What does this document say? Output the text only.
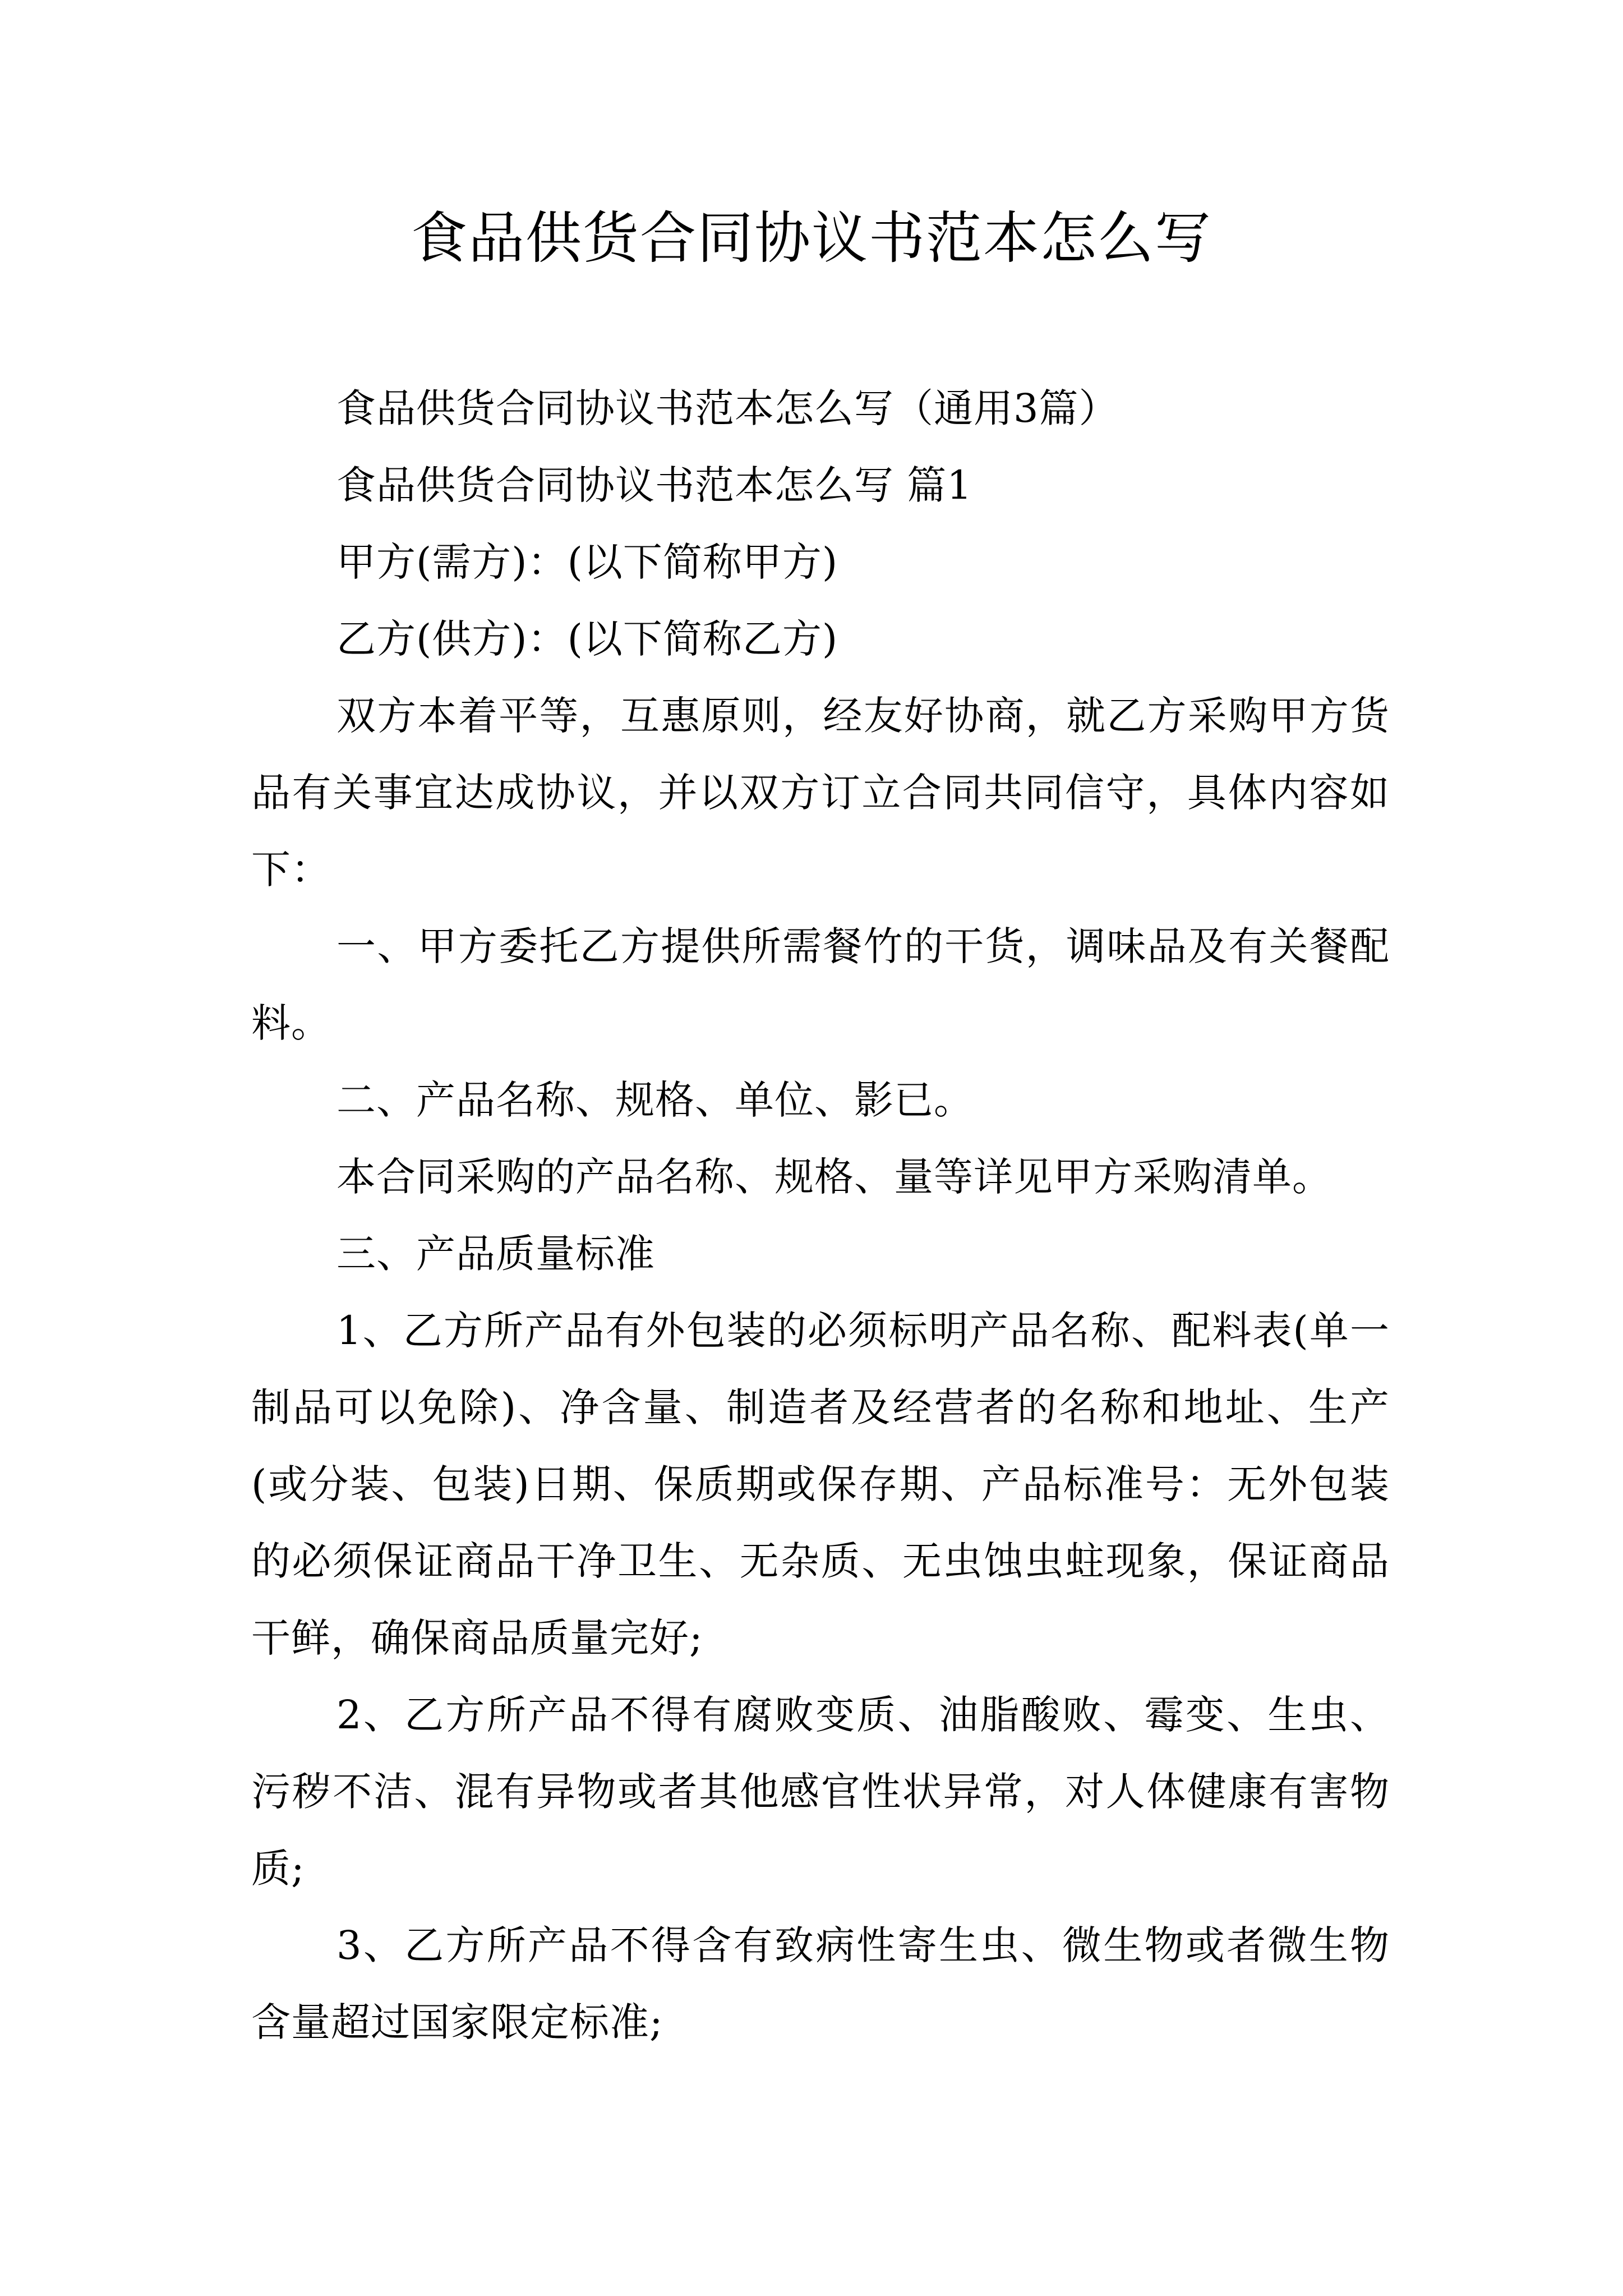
食品供货合同协议书范本怎么写

食品供货合同协议书范本怎么写（通用3篇）

食品供货合同协议书范本怎么写 篇1

甲方(需方)：(以下简称甲方)

乙方(供方)：(以下简称乙方)

双方本着平等，互惠原则，经友好协商，就乙方采购甲方货品有关事宜达成协议，并以双方订立合同共同信守，具体内容如下：

一、甲方委托乙方提供所需餐竹的干货，调味品及有关餐配料。

二、产品名称、规格、单位、影已。

本合同采购的产品名称、规格、量等详见甲方采购清单。

三、产品质量标准

1、乙方所产品有外包装的必须标明产品名称、配料表(单一制品可以免除)、净含量、制造者及经营者的名称和地址、生产(或分装、包装)日期、保质期或保存期、产品标准号：无外包装的必须保证商品干净卫生、无杂质、无虫蚀虫蛀现象，保证商品干鲜，确保商品质量完好;

2、乙方所产品不得有腐败变质、油脂酸败、霉变、生虫、污秽不洁、混有异物或者其他感官性状异常，对人体健康有害物质;

3、乙方所产品不得含有致病性寄生虫、微生物或者微生物含量超过国家限定标准;
